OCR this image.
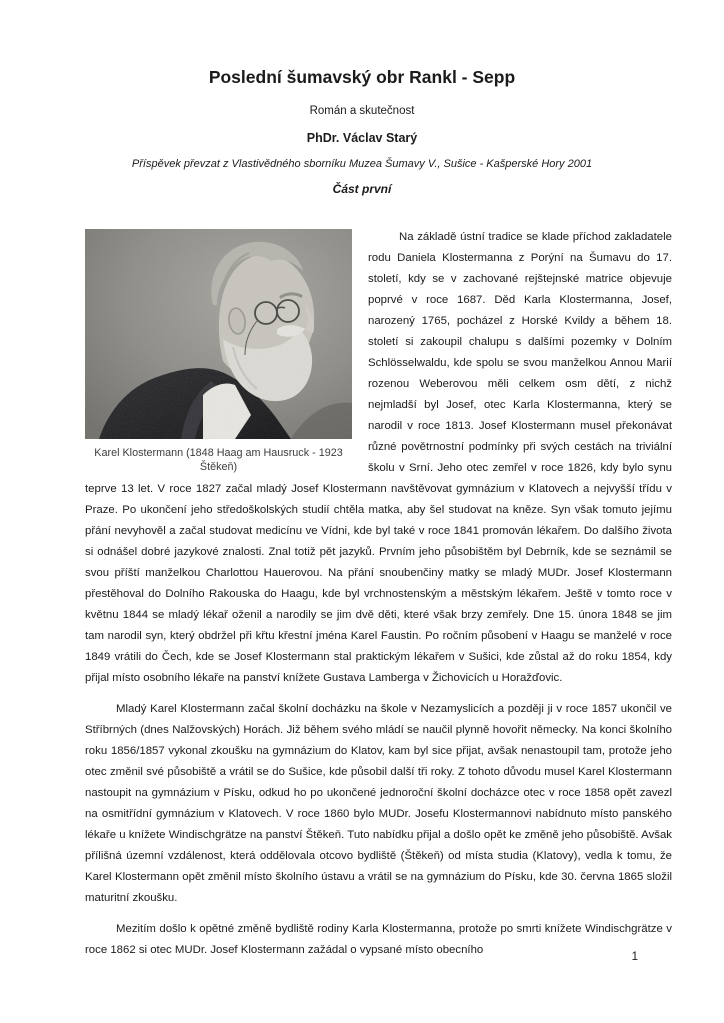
Poslední šumavský obr Rankl - Sepp

Román a skutečnost

PhDr. Václav Starý

Příspěvek převzat z Vlastivědného sborníku Muzea Šumavy V., Sušice - Kašperské Hory 2001

Část první

Karel Klostermann (1848 Haag am Hausruck - 1923 Štěkeň)

Na základě ústní tradice se klade příchod zakladatele rodu Daniela Klostermanna z Porýní na Šumavu do 17. století, kdy se v zachované rejštejnské matrice objevuje poprvé v roce 1687. Děd Karla Klostermanna, Josef, narozený 1765, pocházel z Horské Kvildy a během 18. století si zakoupil chalupu s dalšími pozemky v Dolním Schlösselwaldu, kde spolu se svou manželkou Annou Marií rozenou Weberovou měli celkem osm dětí, z nichž nejmladší byl Josef, otec Karla Klostermanna, který se narodil v roce 1813. Josef Klostermann musel překonávat různé povětrnostní podmínky při svých cestách na triviální školu v Srní. Jeho otec zemřel v roce 1826, kdy bylo synu teprve 13 let. V roce 1827 začal mladý Josef Klostermann navštěvovat gymnázium v Klatovech a nejvyšší třídu v Praze. Po ukončení jeho středoškolských studií chtěla matka, aby šel studovat na kněze. Syn však tomuto jejímu přání nevyhověl a začal studovat medicínu ve Vídni, kde byl také v roce 1841 promován lékařem. Do dalšího života si odnášel dobré jazykové znalosti. Znal totiž pět jazyků. Prvním jeho působištěm byl Debrník, kde se seznámil se svou příští manželkou Charlottou Hauerovou. Na přání snoubenčiny matky se mladý MUDr. Josef Klostermann přestěhoval do Dolního Rakouska do Haagu, kde byl vrchnostenským a městským lékařem. Ještě v tomto roce v květnu 1844 se mladý lékař oženil a narodily se jim dvě děti, které však brzy zemřely. Dne 15. února 1848 se jim tam narodil syn, který obdržel při křtu křestní jména Karel Faustin. Po ročním působení v Haagu se manželé v roce 1849 vrátili do Čech, kde se Josef Klostermann stal praktickým lékařem v Sušici, kde zůstal až do roku 1854, kdy přijal místo osobního lékaře na panství knížete Gustava Lamberga v Žichovicích u Horažďovic.

Mladý Karel Klostermann začal školní docházku na škole v Nezamyslicích a později ji v roce 1857 ukončil ve Stříbrných (dnes Nalžovských) Horách. Již během svého mládí se naučil plynně hovořit německy. Na konci školního roku 1856/1857 vykonal zkoušku na gymnázium do Klatov, kam byl sice přijat, avšak nenastoupil tam, protože jeho otec změnil své působiště a vrátil se do Sušice, kde působil další tři roky. Z tohoto důvodu musel Karel Klostermann nastoupit na gymnázium v Písku, odkud ho po ukončené jednoroční školní docházce otec v roce 1858 opět zavezl na osmitřídní gymnázium v Klatovech. V roce 1860 bylo MUDr. Josefu Klostermannovi nabídnuto místo panského lékaře u knížete Windischgrätze na panství Štěkeň. Tuto nabídku přijal a došlo opět ke změně jeho působiště. Avšak přílišná územní vzdálenost, která oddělovala otcovo bydliště (Štěkeň) od místa studia (Klatovy), vedla k tomu, že Karel Klostermann opět změnil místo školního ústavu a vrátil se na gymnázium do Písku, kde 30. června 1865 složil maturitní zkoušku.

Mezitím došlo k opětné změně bydliště rodiny Karla Klostermanna, protože po smrti knížete Windischgrätze v roce 1862 si otec MUDr. Josef Klostermann zažádal o vypsané místo obecního

1
